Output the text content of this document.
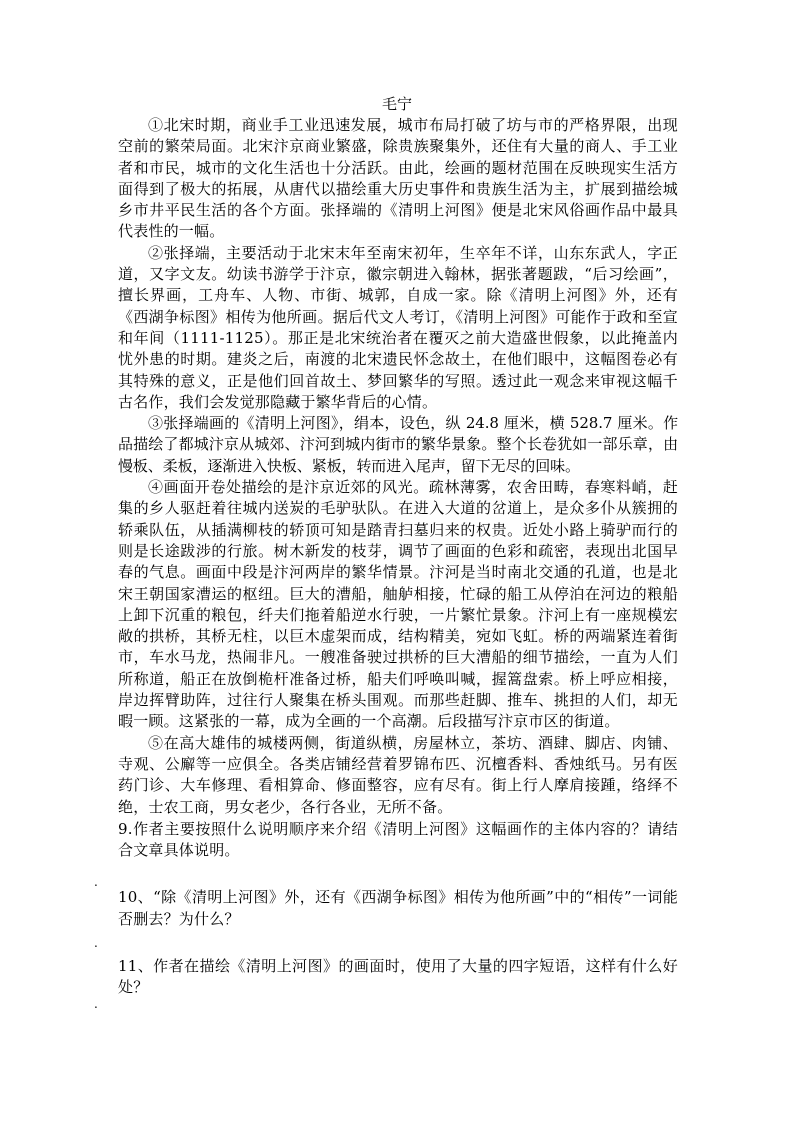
毛宁

①北宋时期，商业手工业迅速发展，城市布局打破了坊与市的严格界限，出现空前的繁荣局面。北宋汴京商业繁盛，除贵族聚集外，还住有大量的商人、手工业者和市民，城市的文化生活也十分活跃。由此，绘画的题材范围在反映现实生活方面得到了极大的拓展，从唐代以描绘重大历史事件和贵族生活为主，扩展到描绘城乡市井平民生活的各个方面。张择端的《清明上河图》便是北宋风俗画作品中最具代表性的一幅。

②张择端，主要活动于北宋末年至南宋初年，生卒年不详，山东东武人，字正道，又字文友。幼读书游学于汴京，徽宗朝进入翰林，据张著题跋，“后习绘画”，擅长界画，工舟车、人物、市街、城郭，自成一家。除《清明上河图》外，还有《西湖争标图》相传为他所画。据后代文人考订，《清明上河图》可能作于政和至宣和年间（1111-1125）。那正是北宋统治者在覆灭之前大造盛世假象，以此掩盖内忧外患的时期。建炎之后，南渡的北宋遗民怀念故土，在他们眼中，这幅图卷必有其特殊的意义，正是他们回首故土、梦回繁华的写照。透过此一观念来审视这幅千古名作，我们会发觉那隐藏于繁华背后的心情。

③张择端画的《清明上河图》，绢本，设色，纵 24.8 厘米，横 528.7 厘米。作品描绘了都城汴京从城郊、汴河到城内街市的繁华景象。整个长卷犹如一部乐章，由慢板、柔板，逐渐进入快板、紧板，转而进入尾声，留下无尽的回味。

④画面开卷处描绘的是汴京近郊的风光。疏林薄雾，农舍田畴，春寒料峭，赶集的乡人驱赶着往城内送炭的毛驴驮队。在进入大道的岔道上，是众多仆从簇拥的轿乘队伍，从插满柳枝的轿顶可知是踏青扫墓归来的权贵。近处小路上骑驴而行的则是长途跋涉的行旅。树木新发的枝芽，调节了画面的色彩和疏密，表现出北国早春的气息。画面中段是汴河两岸的繁华情景。汴河是当时南北交通的孔道，也是北宋王朝国家漕运的枢纽。巨大的漕船，舳舻相接，忙碌的船工从停泊在河边的粮船上卸下沉重的粮包，纤夫们拖着船逆水行驶，一片繁忙景象。汴河上有一座规模宏敞的拱桥，其桥无柱，以巨木虚架而成，结构精美，宛如飞虹。桥的两端紧连着街市，车水马龙，热闹非凡。一艘准备驶过拱桥的巨大漕船的细节描绘，一直为人们所称道，船正在放倒桅杆准备过桥，船夫们呼唤叫喊，握篙盘索。桥上呼应相接，岸边挥臂助阵，过往行人聚集在桥头围观。而那些赶脚、推车、挑担的人们，却无暇一顾。这紧张的一幕，成为全画的一个高潮。后段描写汴京市区的街道。

⑤在高大雄伟的城楼两侧，街道纵横，房屋林立，茶坊、酒肆、脚店、肉铺、寺观、公廨等一应俱全。各类店铺经营着罗锦布匹、沉檀香料、香烛纸马。另有医药门诊、大车修理、看相算命、修面整容，应有尽有。街上行人摩肩接踵，络绎不绝，士农工商，男女老少，各行各业，无所不备。

9.作者主要按照什么说明顺序来介绍《清明上河图》这幅画作的主体内容的？请结合文章具体说明。

10、“除《清明上河图》外，还有《西湖争标图》相传为他所画”中的“相传”一词能否删去？为什么？

11、作者在描绘《清明上河图》的画面时，使用了大量的四字短语，这样有什么好处？

.
.
.
